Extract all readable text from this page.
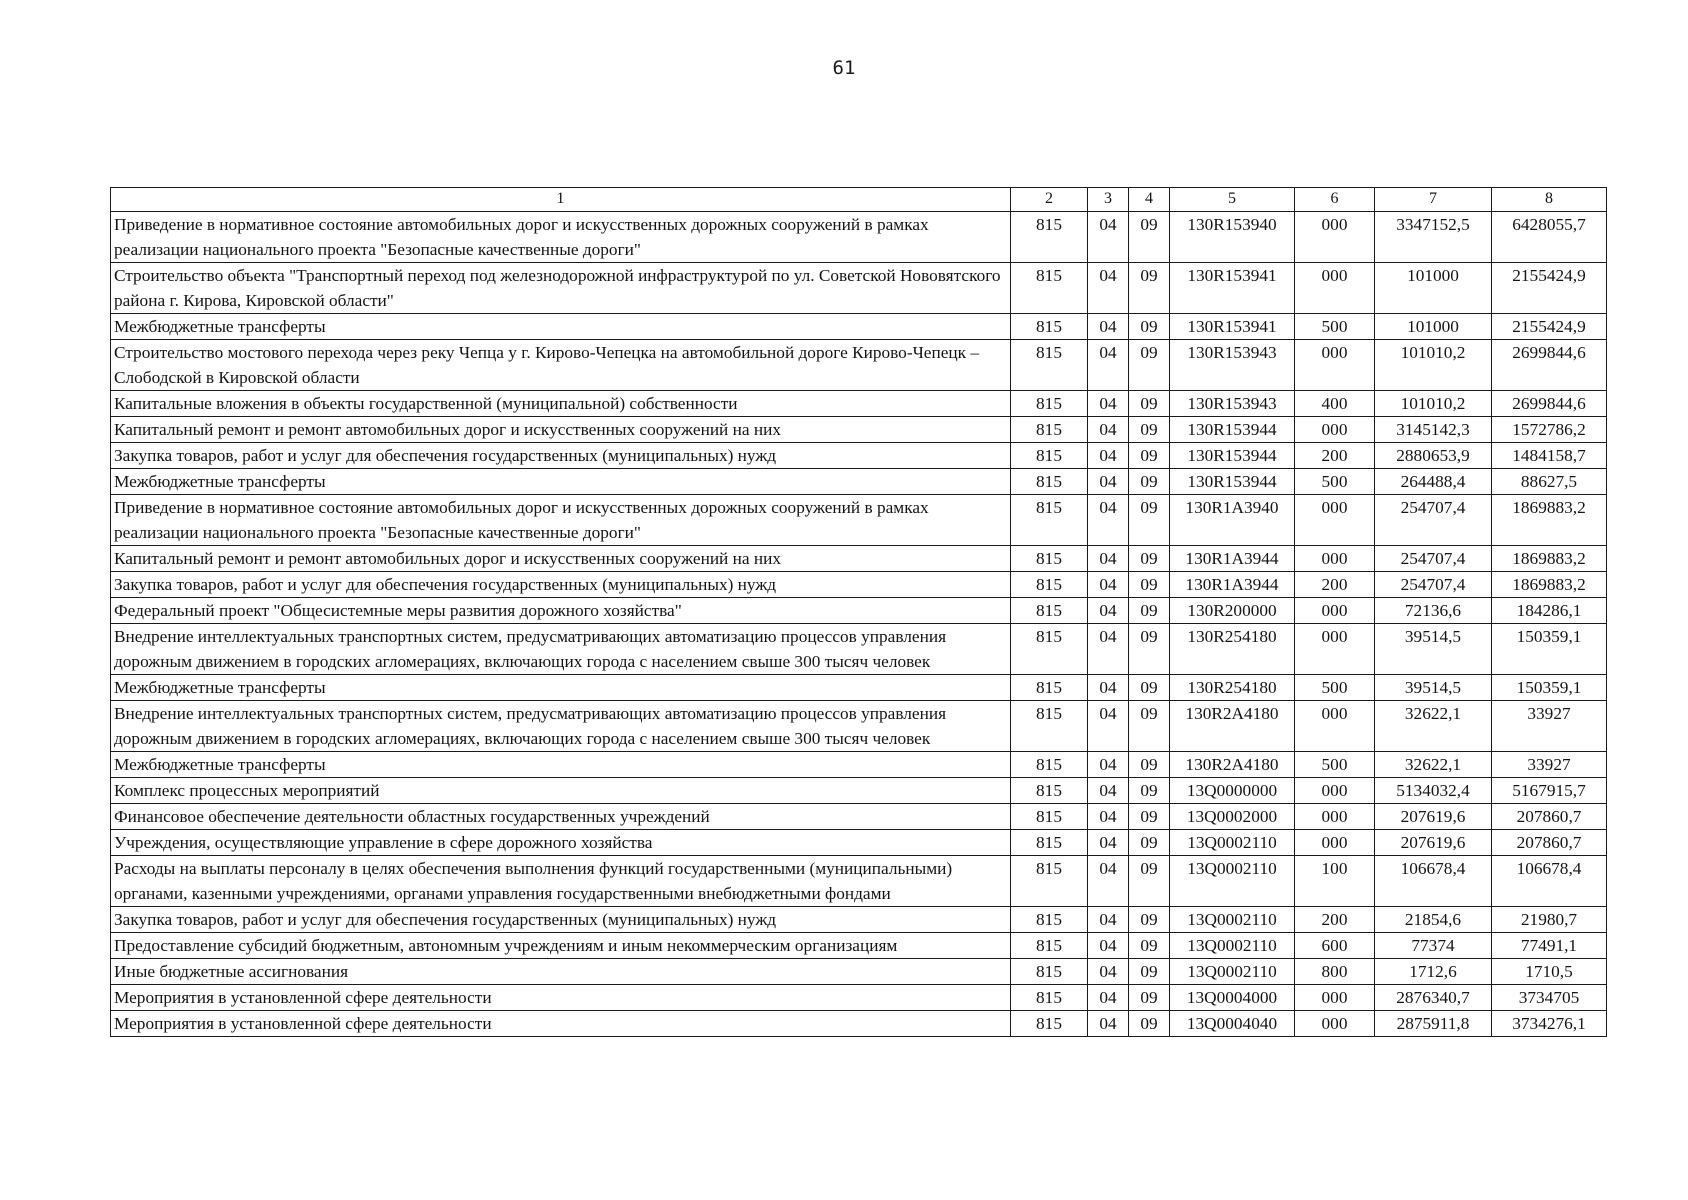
61
1	2	3	4	5	6	7	8
Приведение в нормативное состояние автомобильных дорог и искусственных дорожных сооружений в рамках реализации национального проекта "Безопасные качественные дороги"	815	04	09	130R153940	000	3347152,5	6428055,7
Строительство объекта "Транспортный переход под железнодорожной инфраструктурой по ул. Советской Нововятского района г. Кирова, Кировской области"	815	04	09	130R153941	000	101000	2155424,9
Межбюджетные трансферты	815	04	09	130R153941	500	101000	2155424,9
Строительство мостового перехода через реку Чепца у г. Кирово-Чепецка на автомобильной дороге Кирово-Чепецк – Слободской в Кировской области	815	04	09	130R153943	000	101010,2	2699844,6
Капитальные вложения в объекты государственной (муниципальной) собственности	815	04	09	130R153943	400	101010,2	2699844,6
Капитальный ремонт и ремонт автомобильных дорог и искусственных сооружений на них	815	04	09	130R153944	000	3145142,3	1572786,2
Закупка товаров, работ и услуг для обеспечения государственных (муниципальных) нужд	815	04	09	130R153944	200	2880653,9	1484158,7
Межбюджетные трансферты	815	04	09	130R153944	500	264488,4	88627,5
Приведение в нормативное состояние автомобильных дорог и искусственных дорожных сооружений в рамках реализации национального проекта "Безопасные качественные дороги"	815	04	09	130R1A3940	000	254707,4	1869883,2
Капитальный ремонт и ремонт автомобильных дорог и искусственных сооружений на них	815	04	09	130R1A3944	000	254707,4	1869883,2
Закупка товаров, работ и услуг для обеспечения государственных (муниципальных) нужд	815	04	09	130R1A3944	200	254707,4	1869883,2
Федеральный проект "Общесистемные меры развития дорожного хозяйства"	815	04	09	130R200000	000	72136,6	184286,1
Внедрение интеллектуальных транспортных систем, предусматривающих автоматизацию процессов управления дорожным движением в городских агломерациях, включающих города с населением свыше 300 тысяч человек	815	04	09	130R254180	000	39514,5	150359,1
Межбюджетные трансферты	815	04	09	130R254180	500	39514,5	150359,1
Внедрение интеллектуальных транспортных систем, предусматривающих автоматизацию процессов управления дорожным движением в городских агломерациях, включающих города с населением свыше 300 тысяч человек	815	04	09	130R2A4180	000	32622,1	33927
Межбюджетные трансферты	815	04	09	130R2A4180	500	32622,1	33927
Комплекс процессных мероприятий	815	04	09	13Q0000000	000	5134032,4	5167915,7
Финансовое обеспечение деятельности областных государственных учреждений	815	04	09	13Q0002000	000	207619,6	207860,7
Учреждения, осуществляющие управление в сфере дорожного хозяйства	815	04	09	13Q0002110	000	207619,6	207860,7
Расходы на выплаты персоналу в целях обеспечения выполнения функций государственными (муниципальными) органами, казенными учреждениями, органами управления государственными внебюджетными фондами	815	04	09	13Q0002110	100	106678,4	106678,4
Закупка товаров, работ и услуг для обеспечения государственных (муниципальных) нужд	815	04	09	13Q0002110	200	21854,6	21980,7
Предоставление субсидий бюджетным, автономным учреждениям и иным некоммерческим организациям	815	04	09	13Q0002110	600	77374	77491,1
Иные бюджетные ассигнования	815	04	09	13Q0002110	800	1712,6	1710,5
Мероприятия в установленной сфере деятельности	815	04	09	13Q0004000	000	2876340,7	3734705
Мероприятия в установленной сфере деятельности	815	04	09	13Q0004040	000	2875911,8	3734276,1
